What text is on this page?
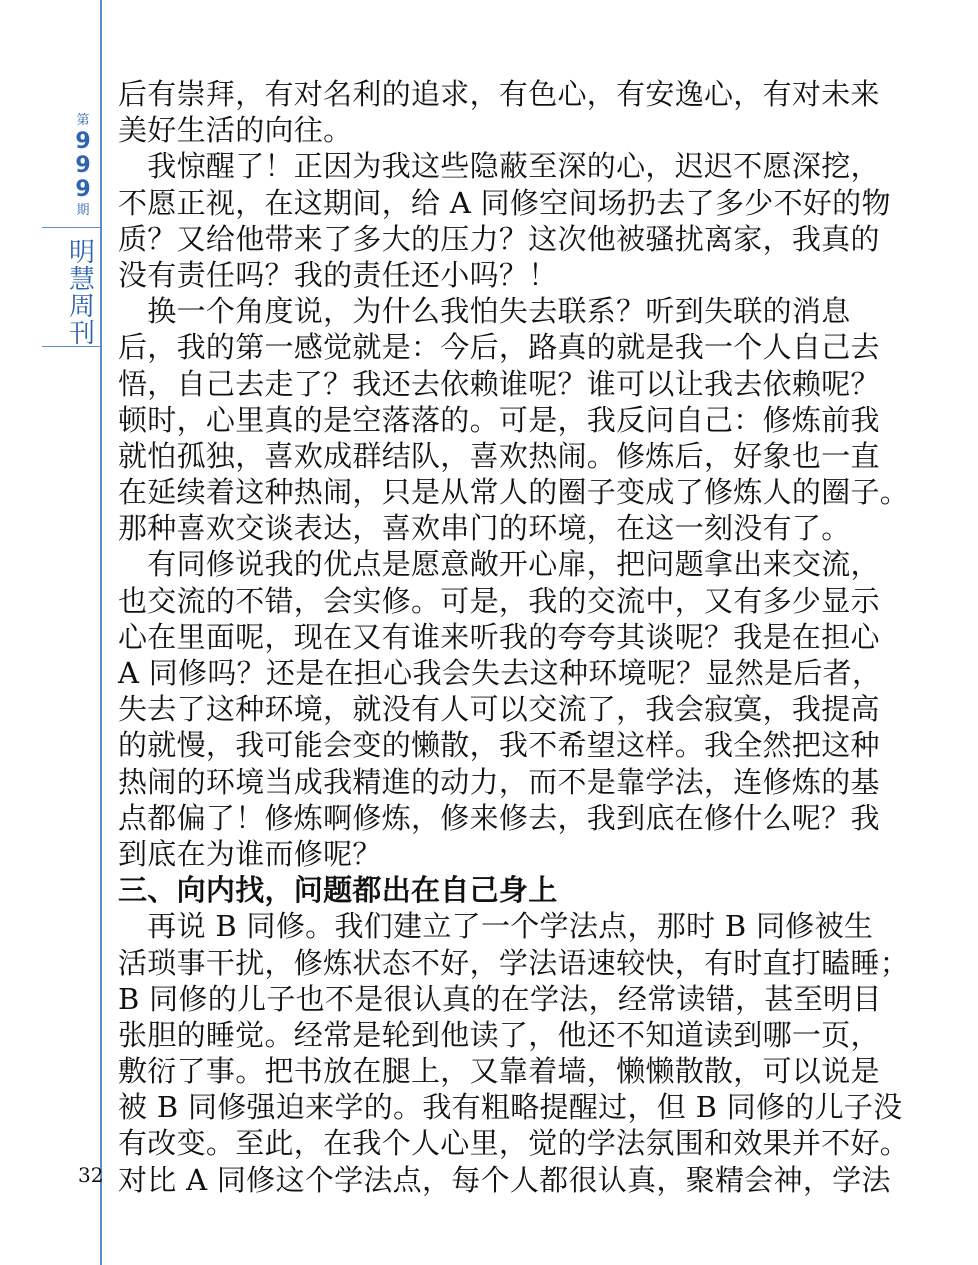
第
9
9
9
期
明
慧
周
刊
32
后有崇拜，有对名利的追求，有色心，有安逸心，有对未来
美好生活的向往。
　我惊醒了！正因为我这些隐蔽至深的心，迟迟不愿深挖，
不愿正视，在这期间，给 A 同修空间场扔去了多少不好的物
质？又给他带来了多大的压力？这次他被骚扰离家，我真的
没有责任吗？我的责任还小吗？！
　换一个角度说，为什么我怕失去联系？听到失联的消息
后，我的第一感觉就是：今后，路真的就是我一个人自己去
悟，自己去走了？我还去依赖谁呢？谁可以让我去依赖呢？
顿时，心里真的是空落落的。可是，我反问自己：修炼前我
就怕孤独，喜欢成群结队，喜欢热闹。修炼后，好象也一直
在延续着这种热闹，只是从常人的圈子变成了修炼人的圈子。
那种喜欢交谈表达，喜欢串门的环境，在这一刻没有了。
　有同修说我的优点是愿意敞开心扉，把问题拿出来交流，
也交流的不错，会实修。可是，我的交流中，又有多少显示
心在里面呢，现在又有谁来听我的夸夸其谈呢？我是在担心
A 同修吗？还是在担心我会失去这种环境呢？显然是后者，
失去了这种环境，就没有人可以交流了，我会寂寞，我提高
的就慢，我可能会变的懒散，我不希望这样。我全然把这种
热闹的环境当成我精進的动力，而不是靠学法，连修炼的基
点都偏了！修炼啊修炼，修来修去，我到底在修什么呢？我
到底在为谁而修呢？
三、向内找，问题都出在自己身上
　再说 B 同修。我们建立了一个学法点，那时 B 同修被生
活琐事干扰，修炼状态不好，学法语速较快，有时直打瞌睡；
B 同修的儿子也不是很认真的在学法，经常读错，甚至明目
张胆的睡觉。经常是轮到他读了，他还不知道读到哪一页，
敷衍了事。把书放在腿上，又靠着墙，懒懒散散，可以说是
被 B 同修强迫来学的。我有粗略提醒过，但 B 同修的儿子没
有改变。至此，在我个人心里，觉的学法氛围和效果并不好。
对比 A 同修这个学法点，每个人都很认真，聚精会神，学法
